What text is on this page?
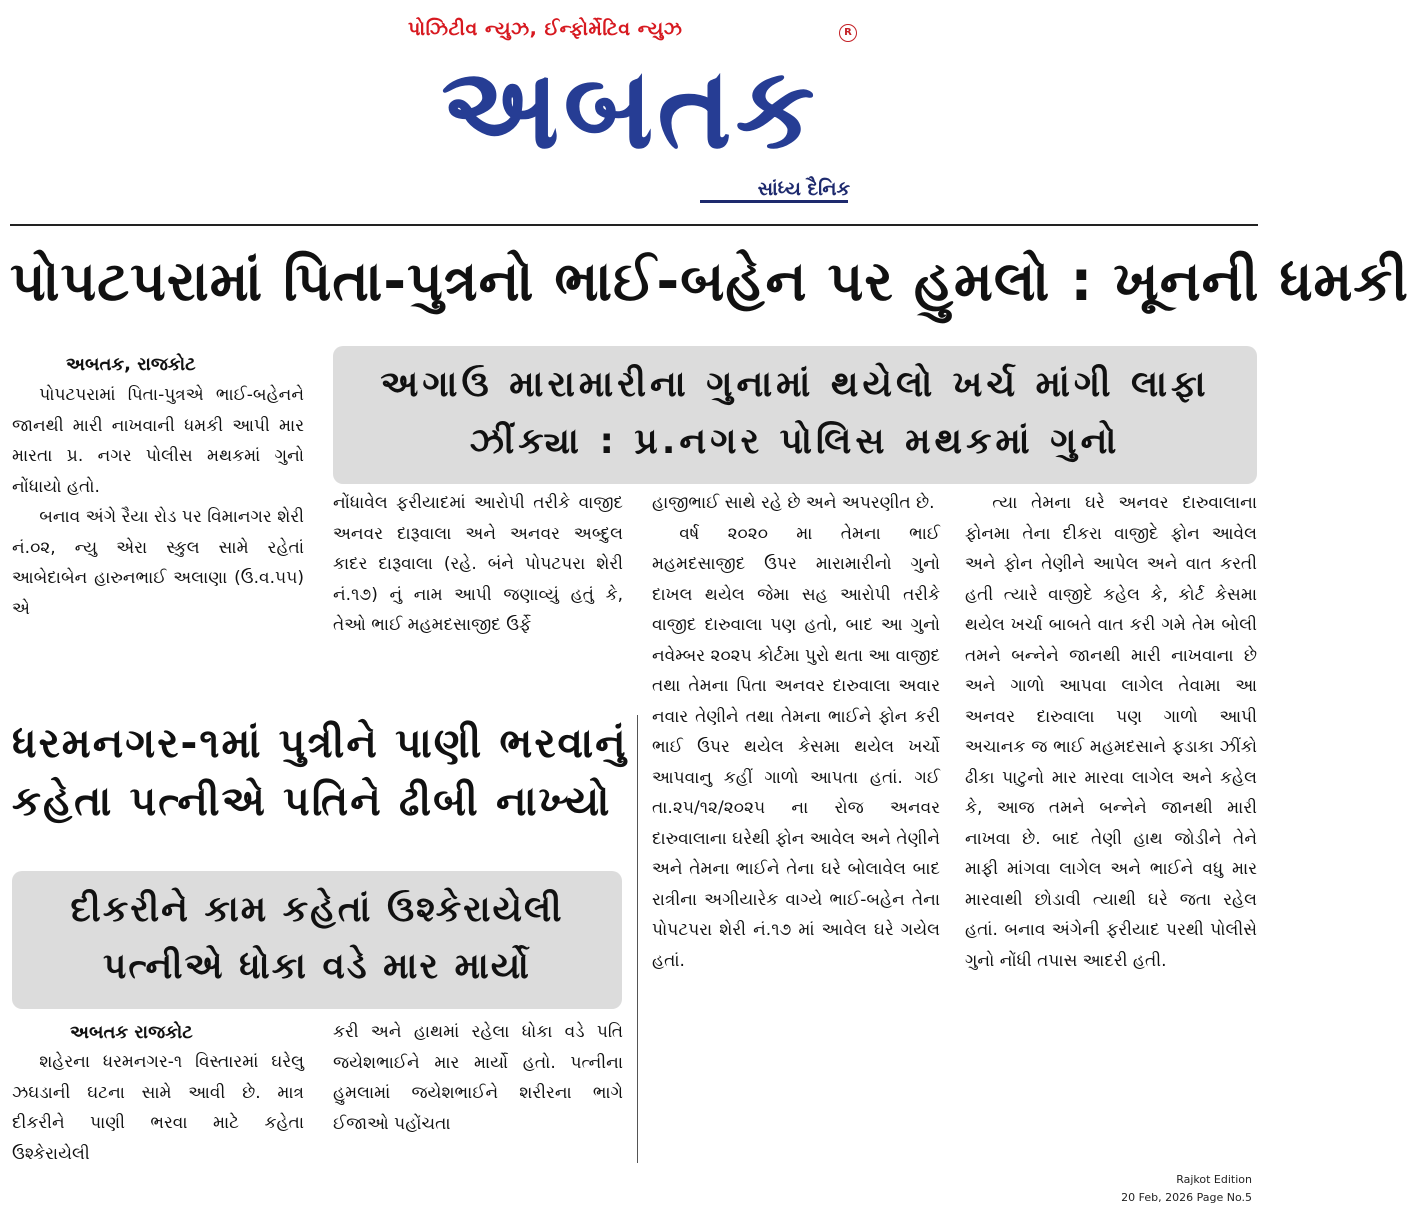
પોઝિટીવ ન્યુઝ, ઈન્ફોર્મેટિવ ન્યુઝ	R
અબતક
સાંધ્ય દૈનિક
પોપટપરામાં પિતા-પુત્રનો ભાઈ-બહેન પર હુમલો : ખૂનની ધમકી
અબતક, રાજકોટ

પોપટપરામાં પિતા-પુત્રએ ભાઈ-બહેનને જાનથી મારી નાખવાની ધમકી આપી માર મારતા પ્ર. નગર પોલીસ મથકમાં ગુનો નોંધાયો હતો.

બનાવ અંગે રૈયા રોડ પર વિમાનગર શેરી નં.૦૨, ન્યુ એરા સ્કુલ સામે રહેતાં આબેદાબેન હારુનભાઈ અલાણા (ઉ.વ.૫૫) એ

અગાઉ મારામારીના ગુનામાં થયેલો ખર્ચ માંગી લાફા ઝીંક્યા : પ્ર.નગર પોલિસ મથકમાં ગુનો

નોંધાવેલ ફરીયાદમાં આરોપી તરીકે વાજીદ અનવર દારૂવાલા અને અનવર અબ્દુલ કાદર દારૂવાલા (રહે. બંને પોપટપરા શેરી નં.૧૭) નું નામ આપી જણાવ્યું હતું કે, તેઓ ભાઈ મહમદસાજીદ ઉર્ફે

હાજીભાઈ સાથે રહે છે અને અપરણીત છે.

વર્ષ ૨૦૨૦ મા તેમના ભાઈ મહમદસાજીદ ઉપર મારામારીનો ગુનો દાખલ થયેલ જેમા સહ આરોપી તરીકે વાજીદ દારુવાલા પણ હતો, બાદ આ ગુનો નવેમ્બર ૨૦૨૫ કોર્ટમા પુરો થતા આ વાજીદ તથા તેમના પિતા અનવર દારુવાલા અવાર નવાર તેણીને તથા તેમના ભાઈને ફોન કરી ભાઈ ઉપર થયેલ કેસમા થયેલ ખર્ચો આપવાનુ કહીં ગાળો આપતા હતાં. ગઈ તા.૨૫/૧૨/૨૦૨૫ ના રોજ અનવર દારુવાલાના ઘરેથી ફોન આવેલ અને તેણીને અને તેમના ભાઈને તેના ઘરે બોલાવેલ બાદ રાત્રીના અગીયારેક વાગ્યે ભાઈ-બહેન તેના પોપટપરા શેરી નં.૧૭ માં આવેલ ઘરે ગયેલ હતાં.

ત્યા તેમના ઘરે અનવર દારુવાલાના ફોનમા તેના દીકરા વાજીદે ફોન આવેલ અને ફોન તેણીને આપેલ અને વાત કરતી હતી ત્યારે વાજીદે કહેલ કે, કોર્ટ કેસમા થયેલ ખર્ચા બાબતે વાત કરી ગમે તેમ બોલી તમને બન્નેને જાનથી મારી નાખવાના છે અને ગાળો આપવા લાગેલ તેવામા આ અનવર દારુવાલા પણ ગાળો આપી અચાનક જ ભાઈ મહમદસાને ફડાકા ઝીંકો ઢીકા પાટુનો માર મારવા લાગેલ અને કહેલ કે, આજ તમને બન્નેને જાનથી મારી નાખવા છે. બાદ તેણી હાથ જોડીને તેને માફી માંગવા લાગેલ અને ભાઈને વધુ માર મારવાથી છોડાવી ત્યાથી ઘરે જતા રહેલ હતાં. બનાવ અંગેની ફરીયાદ પરથી પોલીસે ગુનો નોંધી તપાસ આદરી હતી.

ધરમનગર-૧માં પુત્રીને પાણી ભરવાનું કહેતા પત્નીએ પતિને ઢીબી નાખ્યો
દીકરીને કામ કહેતાં ઉશ્કેરાયેલી પત્નીએ ધોકા વડે માર માર્યો
અબતક રાજકોટ

શહેરના ધરમનગર-૧ વિસ્તારમાં ઘરેલુ ઝઘડાની ઘટના સામે આવી છે. માત્ર દીકરીને પાણી ભરવા માટે કહેતા ઉશ્કેરાયેલી

કરી અને હાથમાં રહેલા ધોકા વડે પતિ જયેશભાઈને માર માર્યો હતો. પત્નીના હુમલામાં જયેશભાઈને શરીરના ભાગે ઈજાઓ પહોંચતા

Rajkot Edition
20 Feb, 2026 Page No.5
